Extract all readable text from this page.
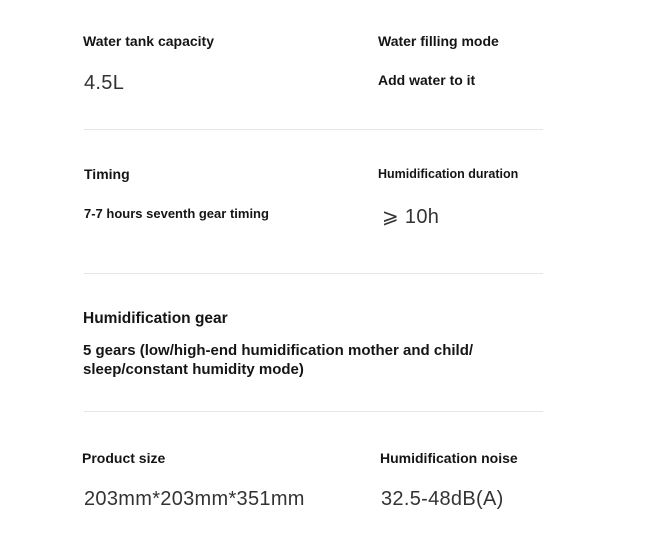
Water tank capacity
4.5L
Water filling mode
Add water to it
Timing
7-7 hours seventh gear timing
Humidification duration
⩾ 10h
Humidification gear
5 gears (low/high-end humidification mother and child/ sleep/constant humidity mode)
Product size
203mm*203mm*351mm
Humidification noise
32.5-48dB(A)
